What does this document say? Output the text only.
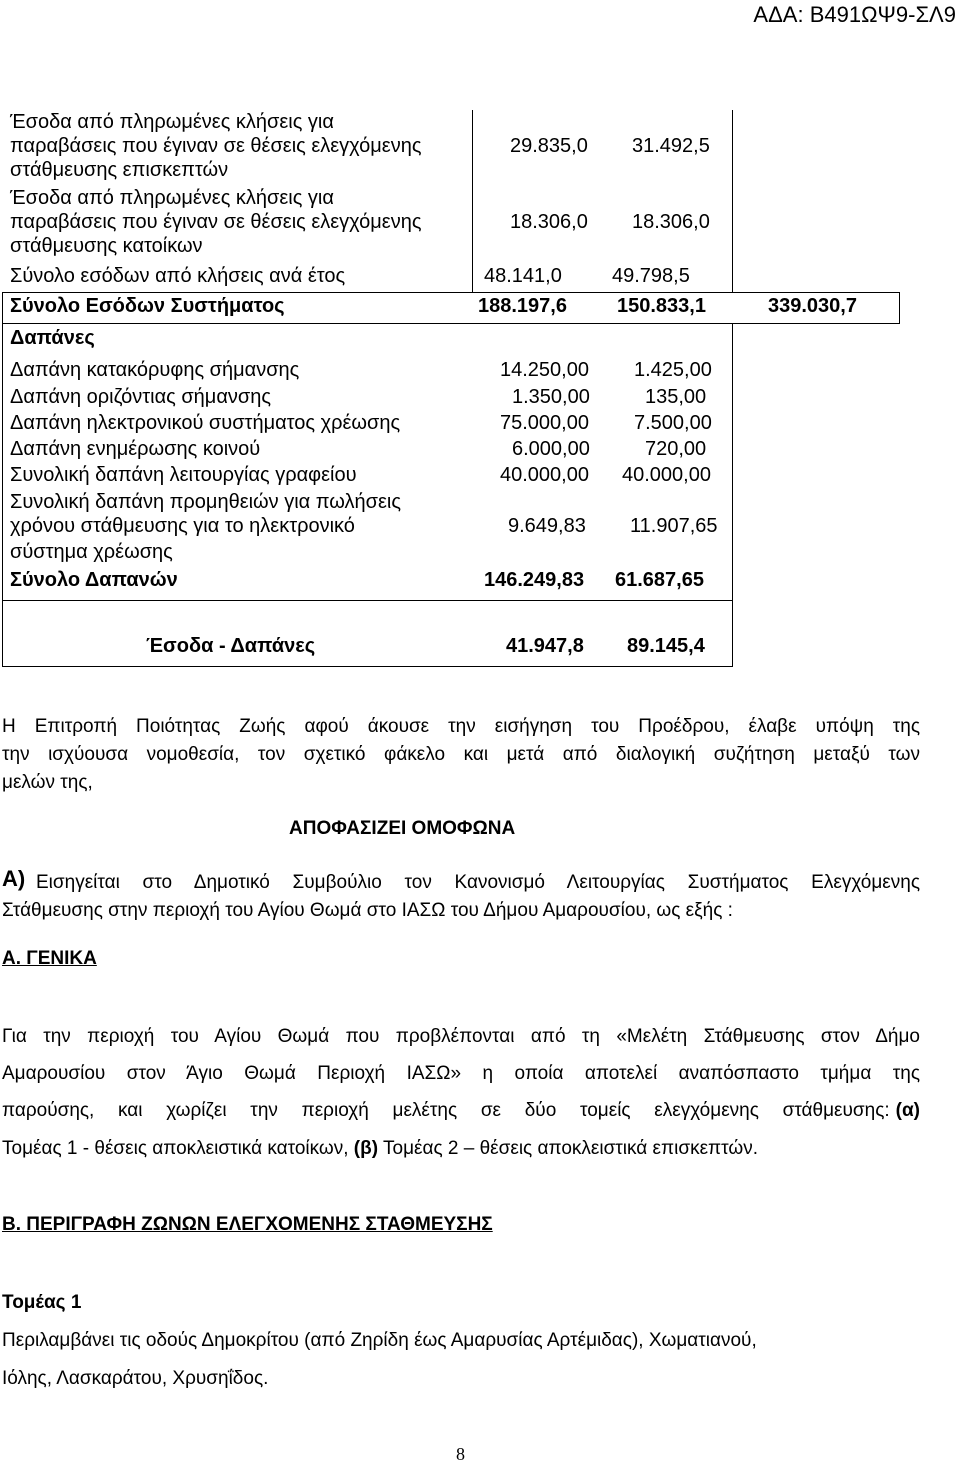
ΑΔΑ: Β491ΩΨ9-ΣΛ9
Έσοδα από πληρωμένες κλήσεις για
παραβάσεις που έγιναν σε θέσεις ελεγχόμενης
στάθμευσης επισκεπτών
29.835,0 31.492,5
Έσοδα από πληρωμένες κλήσεις για
παραβάσεις που έγιναν σε θέσεις ελεγχόμενης
στάθμευσης κατοίκων
18.306,0 18.306,0
Σύνολο εσόδων από κλήσεις ανά έτος	48.141,0	49.798,5
Σύνολο Εσόδων Συστήματος	188.197,6	150.833,1	339.030,7
Δαπάνες
Δαπάνη κατακόρυφης σήμανσης	14.250,00 1.425,00
Δαπάνη οριζόντιας σήμανσης	1.350,00	135,00
Δαπάνη ηλεκτρονικού συστήματος χρέωσης	75.000,00 7.500,00
Δαπάνη ενημέρωσης κοινού	6.000,00	720,00
Συνολική δαπάνη λειτουργίας γραφείου	40.000,00 40.000,00
Συνολική δαπάνη προμηθειών για πωλήσεις
χρόνου στάθμευσης για το ηλεκτρονικό
σύστημα χρέωσης
9.649,83 11.907,65
Σύνολο Δαπανών	146.249,83 61.687,65
Έσοδα - Δαπάνες	41.947,8 89.145,4
Η Επιτροπή Ποιότητας Ζωής αφού άκουσε την εισήγηση του Προέδρου, έλαβε υπόψη της
την ισχύουσα νομοθεσία, τον σχετικό φάκελο και μετά από διαλογική συζήτηση μεταξύ των
μελών της,
ΑΠΟΦΑΣΙΖΕΙ ΟΜΟΦΩΝΑ
Α) Εισηγείται στο Δημοτικό Συμβούλιο τον Κανονισμό Λειτουργίας Συστήματος Ελεγχόμενης
Στάθμευσης στην περιοχή του Αγίου Θωμά στο ΙΑΣΩ του Δήμου Αμαρουσίου, ως εξής :
Α. ΓΕΝΙΚΑ
Για την περιοχή του Αγίου Θωμά που προβλέπονται από τη «Μελέτη Στάθμευσης στον Δήμο
Αμαρουσίου στον Άγιο Θωμά Περιοχή ΙΑΣΩ» η οποία αποτελεί αναπόσπαστο τμήμα της
παρούσης, και χωρίζει την περιοχή μελέτης σε δύο τομείς ελεγχόμενης στάθμευσης: (α)
Τομέας 1 - θέσεις αποκλειστικά κατοίκων, (β) Τομέας 2 – θέσεις αποκλειστικά επισκεπτών.
Β. ΠΕΡΙΓΡΑΦΗ ΖΩΝΩΝ ΕΛΕΓΧΟΜΕΝΗΣ ΣΤΑΘΜΕΥΣΗΣ
Τομέας 1
Περιλαμβάνει τις οδούς Δημοκρίτου (από Ζηρίδη έως Αμαρυσίας Αρτέμιδας), Χωματιανού,
Ιόλης, Λασκαράτου, Χρυσηΐδος.
8
